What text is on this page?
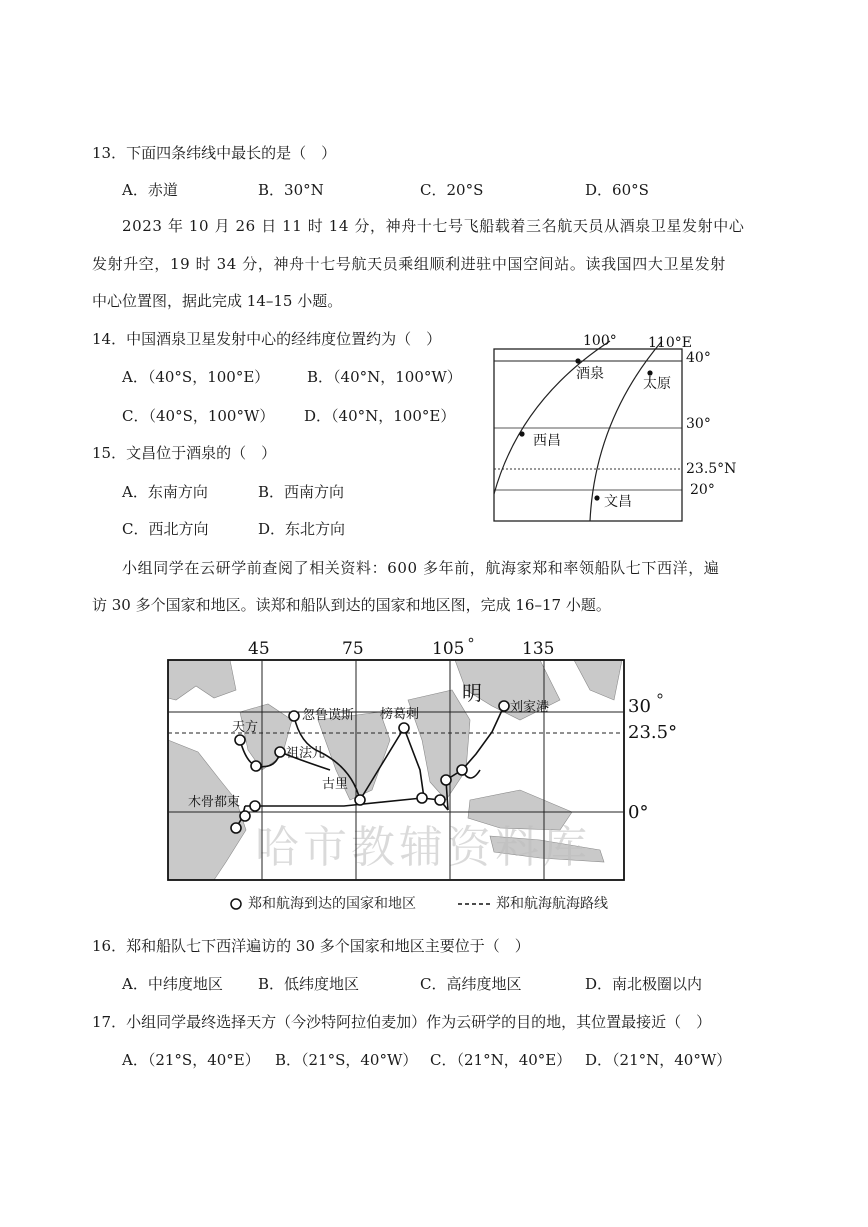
13．下面四条纬线中最长的是（　）
A．赤道	B．30°N	C．20°S	D．60°S
2023 年 10 月 26 日 11 时 14 分，神舟十七号飞船载着三名航天员从酒泉卫星发射中心
发射升空，19 时 34 分，神舟十七号航天员乘组顺利进驻中国空间站。读我国四大卫星发射
中心位置图，据此完成 14–15 小题。
14．中国酒泉卫星发射中心的经纬度位置约为（　）
A．（40°S，100°E）	B．（40°N，100°W）
C．（40°S，100°W） D．（40°N，100°E）
15．文昌位于酒泉的（　）
A．东南方向	B．西南方向
C．西北方向	D．东北方向
100° 110°E
40°
30°
23.5°N
20°
酒泉
太原
西昌
文昌
小组同学在云研学前查阅了相关资料：600 多年前，航海家郑和率领船队七下西洋，遍
访 30 多个国家和地区。读郑和船队到达的国家和地区图，完成 16–17 小题。
哈市教辅资料库
45	75	105	135
30
23.5°
0°
明
天方
忽鲁谟斯
祖法儿
古里
榜葛剌	刘家港
木骨都束
郑和航海到达的国家和地区	郑和航海航海路线
16．郑和船队七下西洋遍访的 30 多个国家和地区主要位于（　）
A．中纬度地区 B．低纬度地区	C．高纬度地区	D．南北极圈以内
17．小组同学最终选择天方（今沙特阿拉伯麦加）作为云研学的目的地，其位置最接近（　）
A．（21°S，40°E） B．（21°S，40°W） C．（21°N，40°E） D．（21°N，40°W）
